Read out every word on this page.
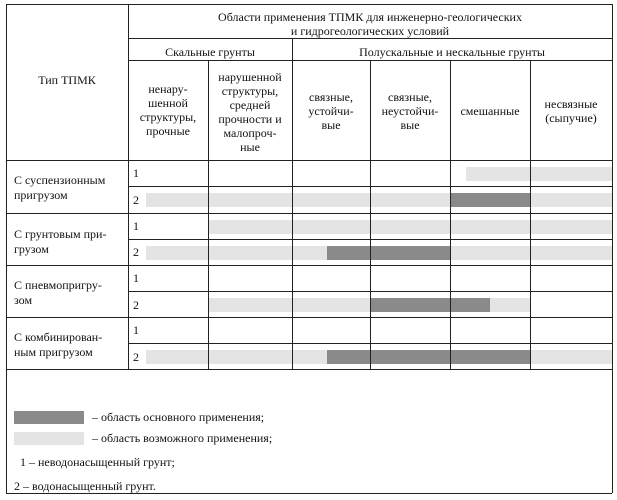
Тип ТПМК
Области применения ТПМК для инженерно-геологических
и гидрогеологических условий
Скальные грунты	Полускальные и нескальные грунты
ненару-
шенной
структуры,
прочные
нарушенной
структуры,
средней
прочности и
малопроч-
ные
связные,
устойчи-
вые
связные,
неустойчи-
вые
смешанные	несвязные
(сыпучие)
С суспензионным
пригрузом
С грунтовым при-
грузом
С пневмопригру-
зом
С комбинирован-
ным пригрузом
1
2
1
2
1
2
1
2
– область основного применения;
– область возможного применения;
1 – неводонасыщенный грунт;
2 – водонасыщенный грунт.
